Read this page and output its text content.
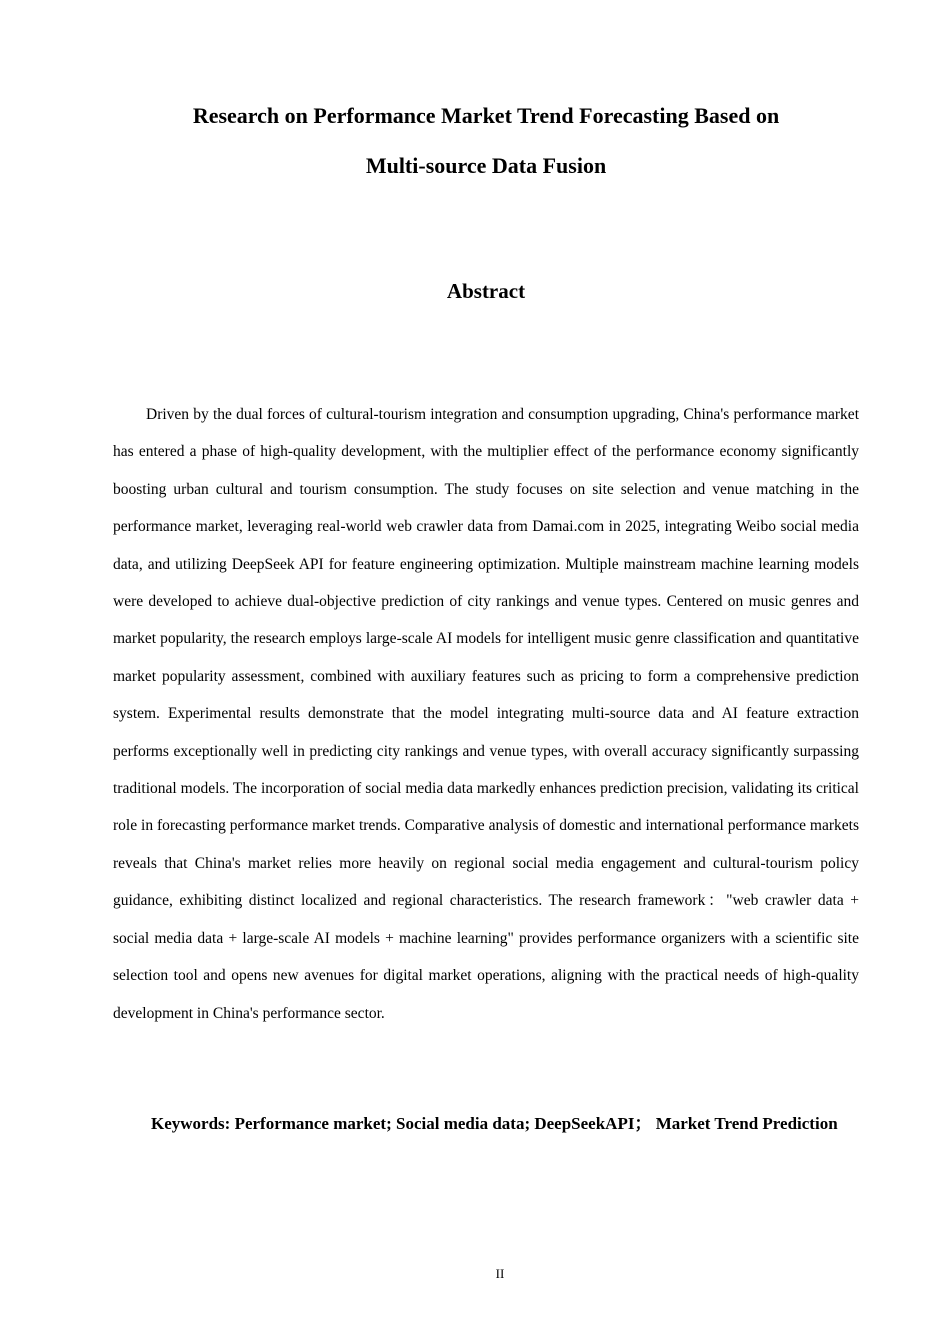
Research on Performance Market Trend Forecasting Based on
Multi-source Data Fusion
Abstract

Driven by the dual forces of cultural-tourism integration and consumption upgrading, China's performance market has entered a phase of high-quality development, with the multiplier effect of the performance economy significantly boosting urban cultural and tourism consumption. The study focuses on site selection and venue matching in the performance market, leveraging real-world web crawler data from Damai.com in 2025, integrating Weibo social media data, and utilizing DeepSeek API for feature engineering optimization. Multiple mainstream machine learning models were developed to achieve dual-objective prediction of city rankings and venue types. Centered on music genres and market popularity, the research employs large-scale AI models for intelligent music genre classification and quantitative market popularity assessment, combined with auxiliary features such as pricing to form a comprehensive prediction system. Experimental results demonstrate that the model integrating multi-source data and AI feature extraction performs exceptionally well in predicting city rankings and venue types, with overall accuracy significantly surpassing traditional models. The incorporation of social media data markedly enhances prediction precision, validating its critical role in forecasting performance market trends. Comparative analysis of domestic and international performance markets reveals that China's market relies more heavily on regional social media engagement and cultural-tourism policy guidance, exhibiting distinct localized and regional characteristics. The research framework："web crawler data + social media data + large-scale AI models + machine learning" provides performance organizers with a scientific site selection tool and opens new avenues for digital market operations, aligning with the practical needs of high-quality development in China's performance sector.

Keywords: Performance market; Social media data; DeepSeekAPI； Market Trend Prediction

II
